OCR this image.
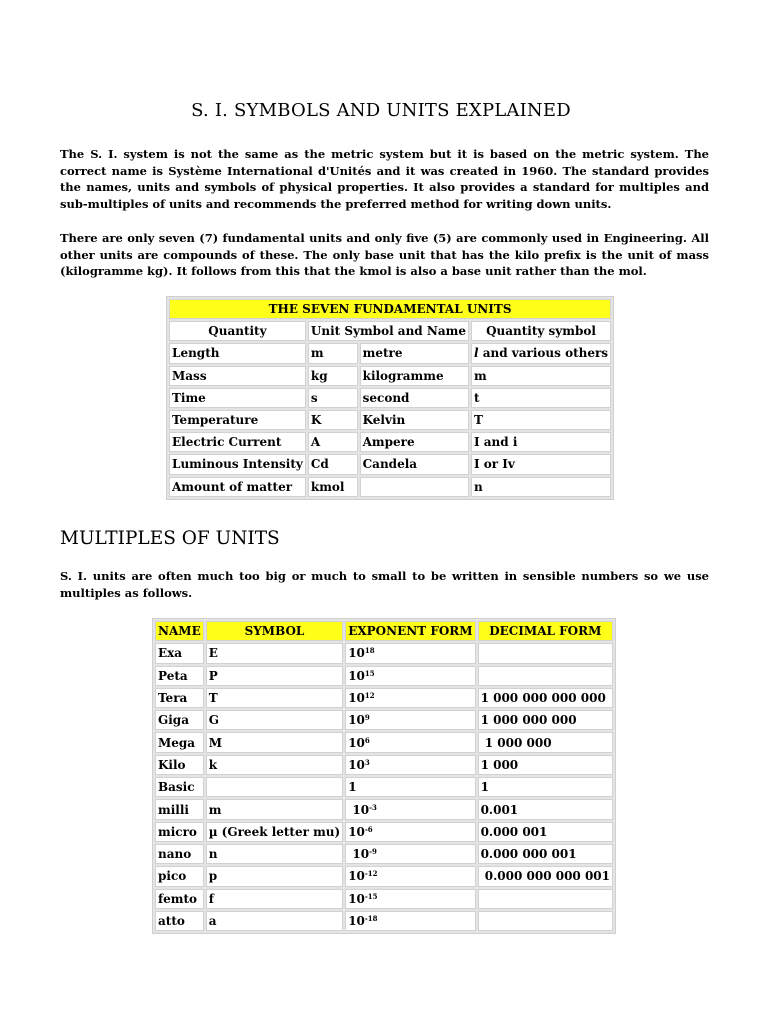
S. I. SYMBOLS AND UNITS EXPLAINED

The S. I. system is not the same as the metric system but it is based on the metric system. The correct name is Système International d'Unités and it was created in 1960. The standard provides the names, units and symbols of physical properties. It also provides a standard for multiples and sub-multiples of units and recommends the preferred method for writing down units.

There are only seven (7) fundamental units and only five (5) are commonly used in Engineering. All other units are compounds of these. The only base unit that has the kilo prefix is the unit of mass (kilogramme kg). It follows from this that the kmol is also a base unit rather than the mol.

THE SEVEN FUNDAMENTAL UNITS			
Quantity	Unit Symbol and Name		Quantity symbol
Length	m	metre	l and various others
Mass	kg	kilogramme	m
Time	s	second	t
Temperature	K	Kelvin	T
Electric Current	A	Ampere	I and i
Luminous Intensity	Cd	Candela	I or Iv
Amount of matter	kmol		n
MULTIPLES OF UNITS

S. I. units are often much too big or much to small to be written in sensible numbers so we use multiples as follows.

NAME	SYMBOL	EXPONENT FORM	DECIMAL FORM
Exa	E	$10^{18}$	
Peta	P	$10^{15}$	
Tera	T	$10^{12}$	1 000 000 000 000
Giga	G	$10^9$	1 000 000 000
Mega	M	$10^6$	1 000 000
Kilo	k	$10^3$	1 000
Basic		1	1
milli	m	$10^{-3}$	0.001
micro	µ (Greek letter mu)	$10^{-6}$	0.000 001
nano	n	$10^{-9}$	0.000 000 001
pico	p	$10^{-12}$	0.000 000 000 001
femto	f	$10^{-15}$	
atto	a	$10^{-18}$	
